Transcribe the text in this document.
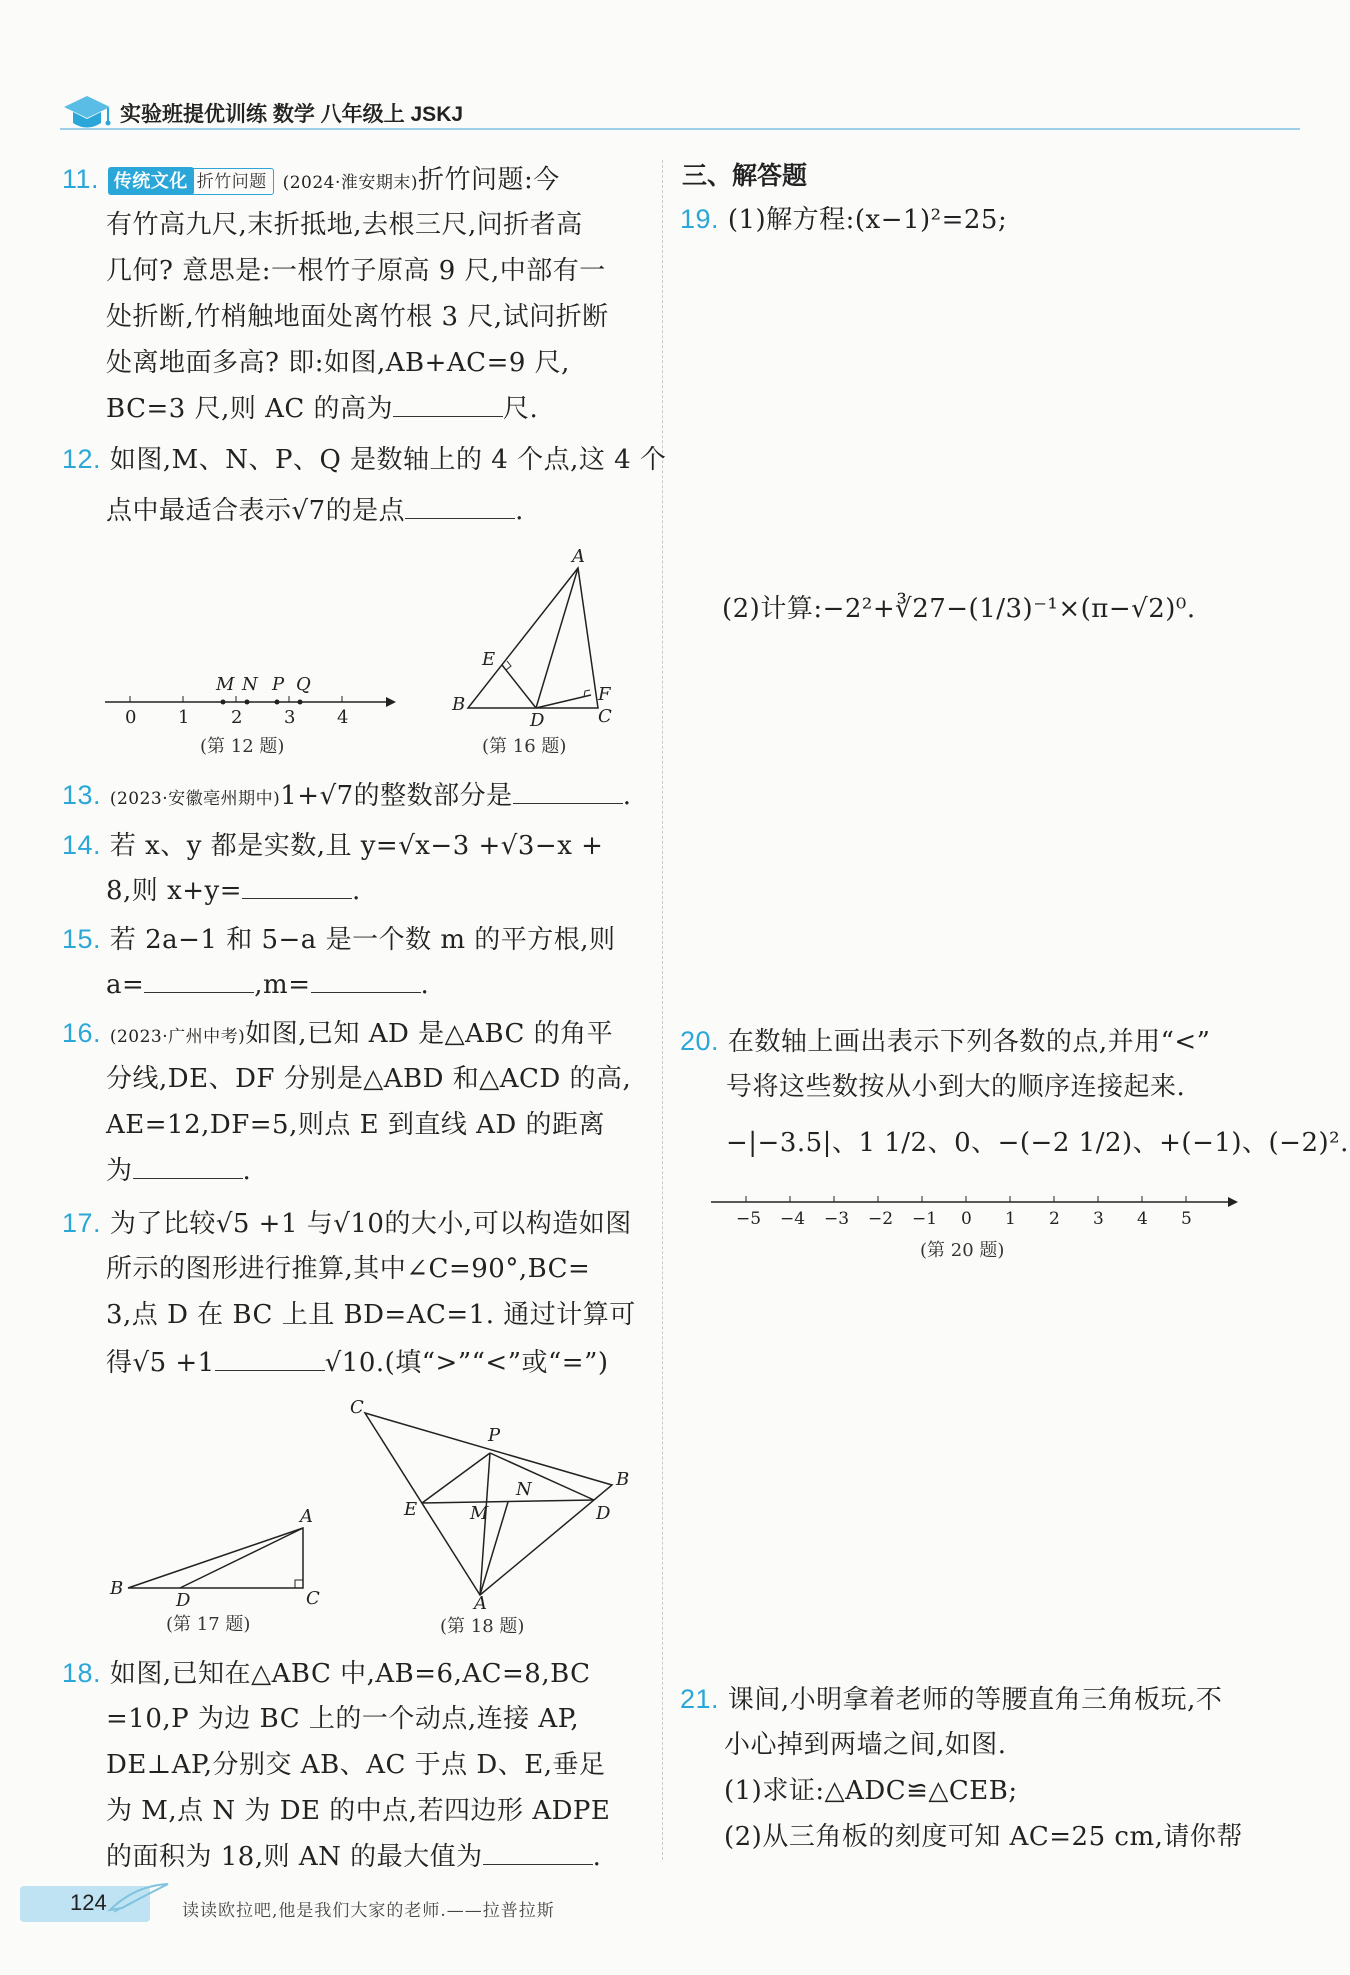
实验班提优训练 数学 八年级上 JSKJ
11. 传统文化 折竹问题 (2024·淮安期末)折竹问题:今
有竹高九尺,末折抵地,去根三尺,问折者高
几何? 意思是:一根竹子原高 9 尺,中部有一
处折断,竹梢触地面处离竹根 3 尺,试问折断
处离地面多高? 即:如图,AB+AC=9 尺,
BC=3 尺,则 AC 的高为	尺.
12. 如图,M、N、P、Q 是数轴上的 4 个点,这 4 个
点中最适合表示√7的是点	.
0 1 2 3 4
M N P Q
(第 12 题)
A
B
C
D
E
F
(第 16 题)
13. (2023·安徽亳州期中)1+√7的整数部分是	.
14. 若 x、y 都是实数,且 y=√x−3 +√3−x +
8,则 x+y=	.
15. 若 2a−1 和 5−a 是一个数 m 的平方根,则
a=	,m=	.
16. (2023·广州中考)如图,已知 AD 是△ABC 的角平
分线,DE、DF 分别是△ABD 和△ACD 的高,
AE=12,DF=5,则点 E 到直线 AD 的距离
为	.
17. 为了比较√5 +1 与√10的大小,可以构造如图
所示的图形进行推算,其中∠C=90°,BC=
3,点 D 在 BC 上且 BD=AC=1. 通过计算可
得√5 +1	√10.(填“>”“<”或“=”)
A
B	C
D
(第 17 题)
C
P
B
D
E	M
N
A
(第 18 题)
18. 如图,已知在△ABC 中,AB=6,AC=8,BC
=10,P 为边 BC 上的一个动点,连接 AP,
DE⊥AP,分别交 AB、AC 于点 D、E,垂足
为 M,点 N 为 DE 的中点,若四边形 ADPE
的面积为 18,则 AN 的最大值为	.
三、解答题
19. (1)解方程:(x−1)²=25;
(2)计算:−2²+∛27−(1/3)⁻¹×(π−√2)⁰.
20. 在数轴上画出表示下列各数的点,并用“<”
号将这些数按从小到大的顺序连接起来.
−|−3.5|、1 1/2、0、−(−2 1/2)、+(−1)、(−2)².
−5 −4 −3 −2 −1 0 1 2 3 4 5
(第 20 题)
21. 课间,小明拿着老师的等腰直角三角板玩,不
小心掉到两墙之间,如图.
(1)求证:△ADC≌△CEB;
(2)从三角板的刻度可知 AC=25 cm,请你帮
124	读读欧拉吧,他是我们大家的老师.——拉普拉斯
